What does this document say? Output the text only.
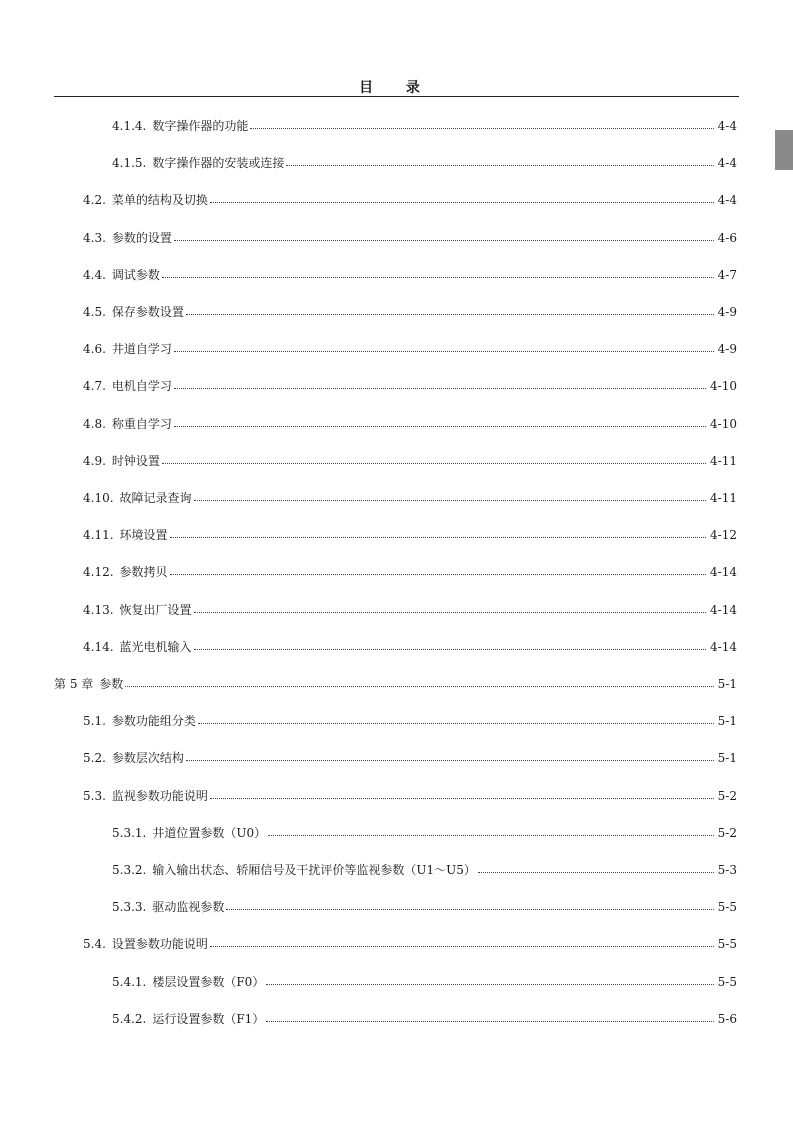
目 录
4.1.4. 数字操作器的功能	4-4
4.1.5. 数字操作器的安装或连接	4-4
4.2. 菜单的结构及切换	4-4
4.3. 参数的设置	4-6
4.4. 调试参数	4-7
4.5. 保存参数设置	4-9
4.6. 井道自学习	4-9
4.7. 电机自学习	4-10
4.8. 称重自学习	4-10
4.9. 时钟设置	4-11
4.10. 故障记录查询	4-11
4.11. 环境设置	4-12
4.12. 参数拷贝	4-14
4.13. 恢复出厂设置	4-14
4.14. 蓝光电机输入	4-14
第 5 章 参数	5-1
5.1. 参数功能组分类	5-1
5.2. 参数层次结构	5-1
5.3. 监视参数功能说明	5-2
5.3.1. 井道位置参数（U0）	5-2
5.3.2. 输入输出状态、轿厢信号及干扰评价等监视参数（U1～U5）	5-3
5.3.3. 驱动监视参数	5-5
5.4. 设置参数功能说明	5-5
5.4.1. 楼层设置参数（F0）	5-5
5.4.2. 运行设置参数（F1）	5-6
